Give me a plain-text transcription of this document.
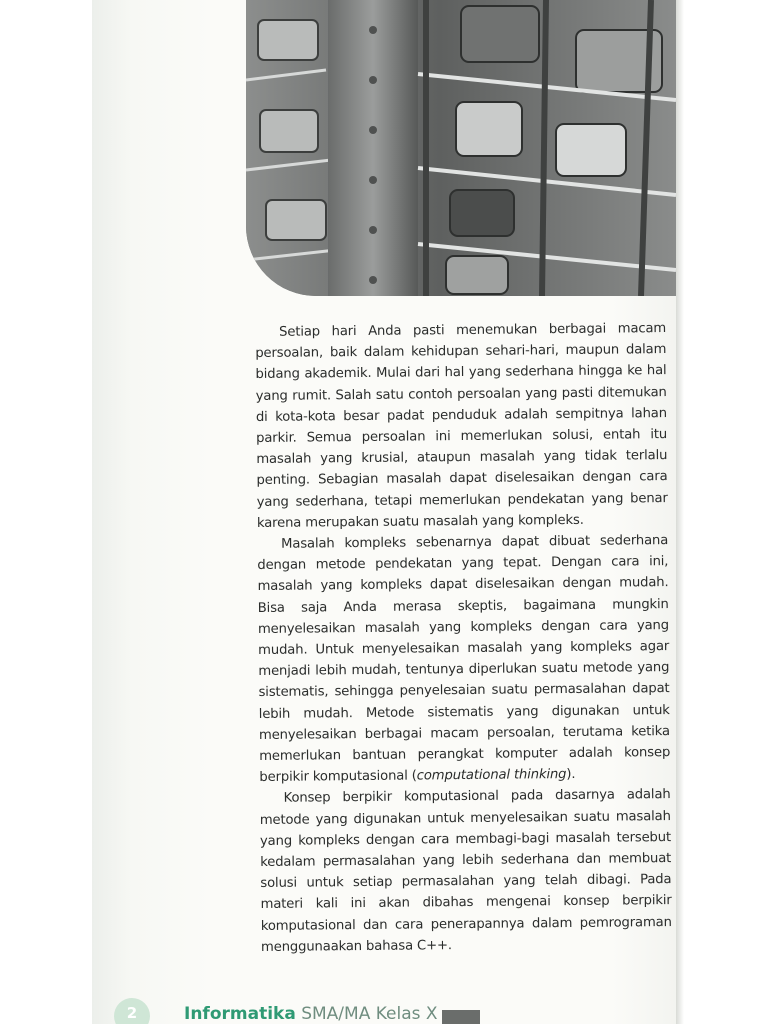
Setiap hari Anda pasti menemukan berbagai macam persoalan, baik dalam kehidupan sehari-hari, maupun dalam bidang akademik. Mulai dari hal yang sederhana hingga ke hal yang rumit. Salah satu contoh persoalan yang pasti ditemukan di kota-kota besar padat penduduk adalah sempitnya lahan parkir. Semua persoalan ini memerlukan solusi, entah itu masalah yang krusial, ataupun masalah yang tidak terlalu penting. Sebagian masalah dapat diselesaikan dengan cara yang sederhana, tetapi memerlukan pendekatan yang benar karena merupakan suatu masalah yang kompleks.

Masalah kompleks sebenarnya dapat dibuat sederhana dengan metode pendekatan yang tepat. Dengan cara ini, masalah yang kompleks dapat diselesaikan dengan mudah. Bisa saja Anda merasa skeptis, bagaimana mungkin menyelesaikan masalah yang kompleks dengan cara yang mudah. Untuk menyelesaikan masalah yang kompleks agar menjadi lebih mudah, tentunya diperlukan suatu metode yang sistematis, sehingga penyelesaian suatu permasalahan dapat lebih mudah. Metode sistematis yang digunakan untuk menyelesaikan berbagai macam persoalan, terutama ketika memerlukan bantuan perangkat komputer adalah konsep berpikir komputasional (computational thinking).

Konsep berpikir komputasional pada dasarnya adalah metode yang digunakan untuk menyelesaikan suatu masalah yang kompleks dengan cara membagi-bagi masalah tersebut kedalam permasalahan yang lebih sederhana dan membuat solusi untuk setiap permasalahan yang telah dibagi. Pada materi kali ini akan dibahas mengenai konsep berpikir komputasional dan cara penerapannya dalam pemrograman menggunaakan bahasa C++.

2	Informatika SMA/MA Kelas X
